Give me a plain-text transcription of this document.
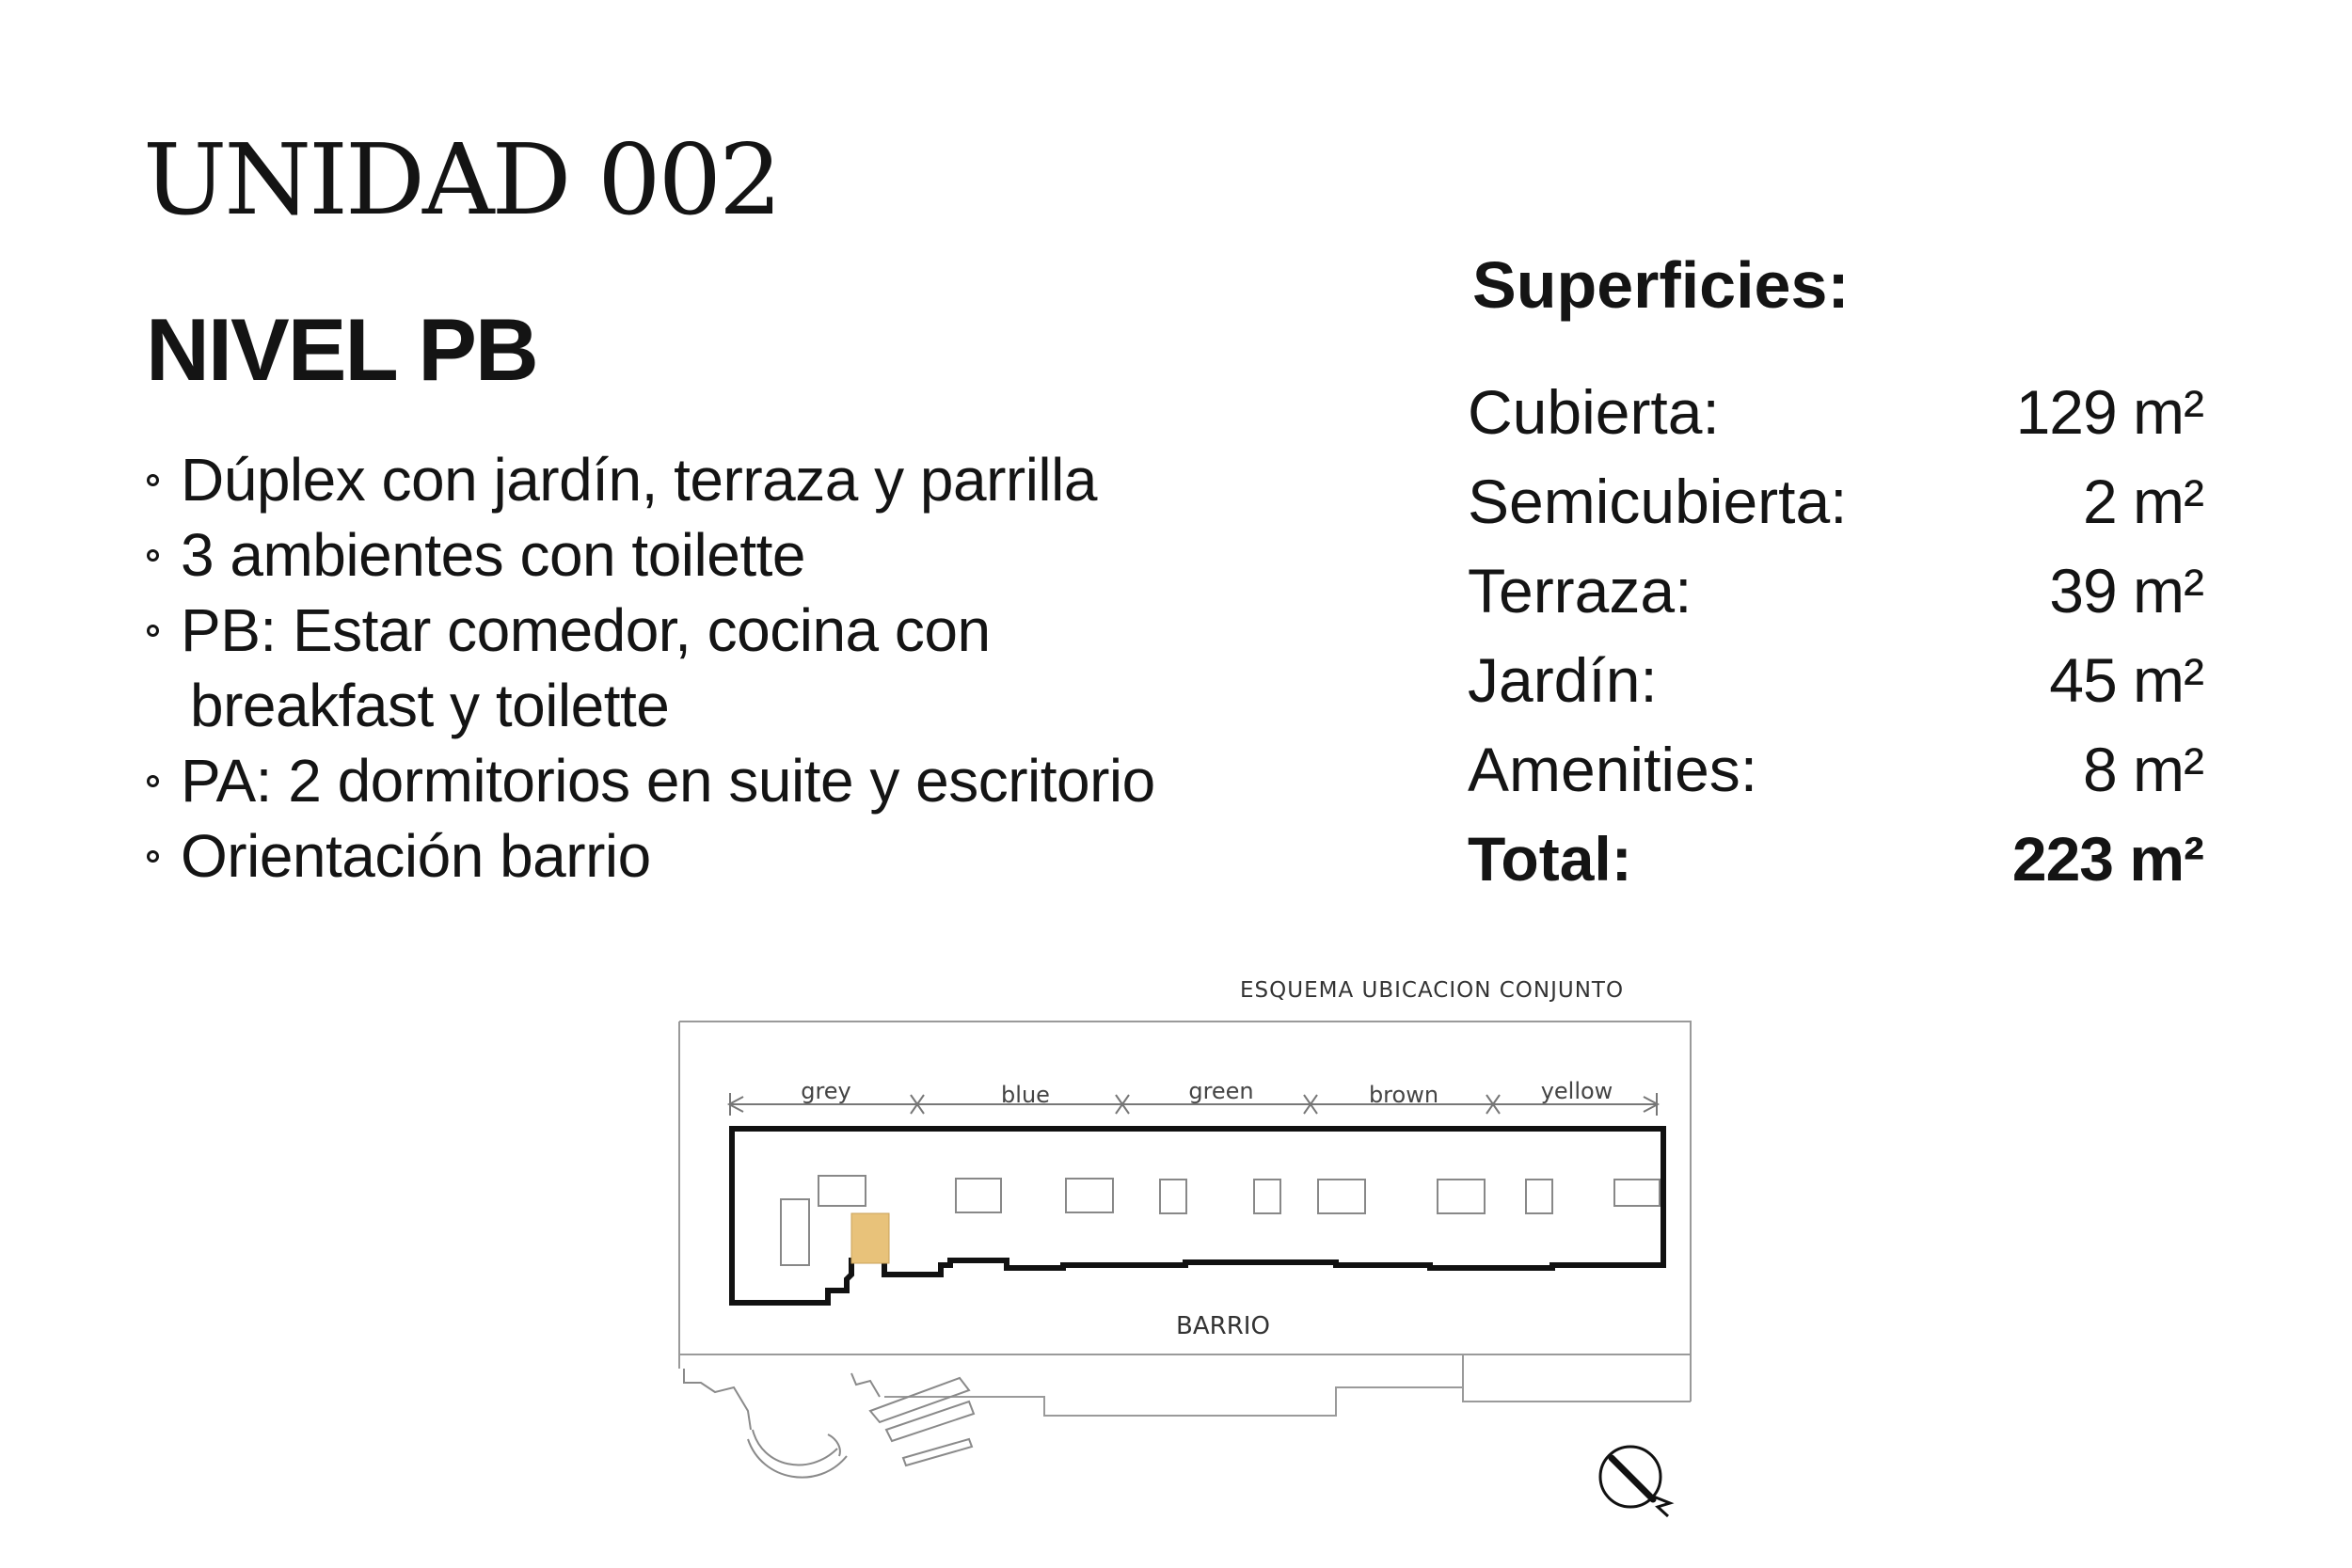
UNIDAD 002
NIVEL PB
Dúplex con jardín, terraza y parrilla
3 ambientes con toilette
PB: Estar comedor, cocina con
breakfast y toilette
PA: 2 dormitorios en suite y escritorio
Orientación barrio
Superficies:
Cubierta:	129 m²
Semicubierta:	2 m²
Terraza:	39 m²
Jardín:	45 m²
Amenities:	8 m²
Total:	223 m²
ESQUEMA UBICACION CONJUNTO
grey	blue	green	brown	yellow
BARRIO
